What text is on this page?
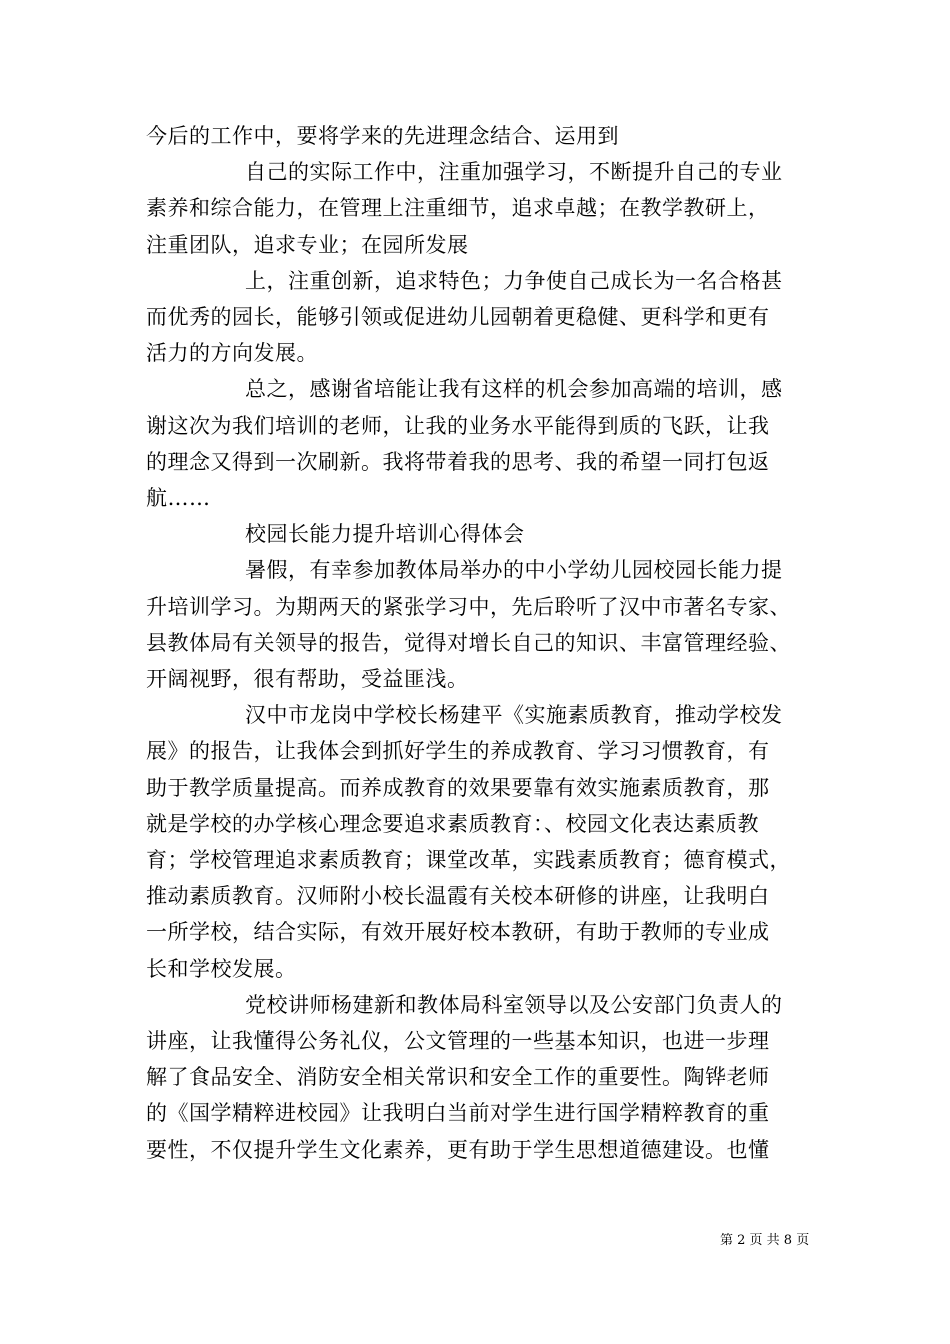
今后的工作中，要将学来的先进理念结合、运用到
自己的实际工作中，注重加强学习，不断提升自己的专业
素养和综合能力，在管理上注重细节，追求卓越；在教学教研上，
注重团队，追求专业；在园所发展
上，注重创新，追求特色；力争使自己成长为一名合格甚
而优秀的园长，能够引领或促进幼儿园朝着更稳健、更科学和更有
活力的方向发展。
总之，感谢省培能让我有这样的机会参加高端的培训，感
谢这次为我们培训的老师，让我的业务水平能得到质的飞跃，让我
的理念又得到一次刷新。我将带着我的思考、我的希望一同打包返
航……
校园长能力提升培训心得体会
暑假，有幸参加教体局举办的中小学幼儿园校园长能力提
升培训学习。为期两天的紧张学习中，先后聆听了汉中市著名专家、
县教体局有关领导的报告，觉得对增长自己的知识、丰富管理经验、
开阔视野，很有帮助，受益匪浅。
汉中市龙岗中学校长杨建平《实施素质教育，推动学校发
展》的报告，让我体会到抓好学生的养成教育、学习习惯教育，有
助于教学质量提高。而养成教育的效果要靠有效实施素质教育，那
就是学校的办学核心理念要追求素质教育：、校园文化表达素质教
育；学校管理追求素质教育；课堂改革，实践素质教育；德育模式，
推动素质教育。汉师附小校长温霞有关校本研修的讲座，让我明白
一所学校，结合实际，有效开展好校本教研，有助于教师的专业成
长和学校发展。
党校讲师杨建新和教体局科室领导以及公安部门负责人的
讲座，让我懂得公务礼仪，公文管理的一些基本知识，也进一步理
解了食品安全、消防安全相关常识和安全工作的重要性。陶铧老师
的《国学精粹进校园》让我明白当前对学生进行国学精粹教育的重
要性，不仅提升学生文化素养，更有助于学生思想道德建设。也懂
第 2 页 共 8 页
